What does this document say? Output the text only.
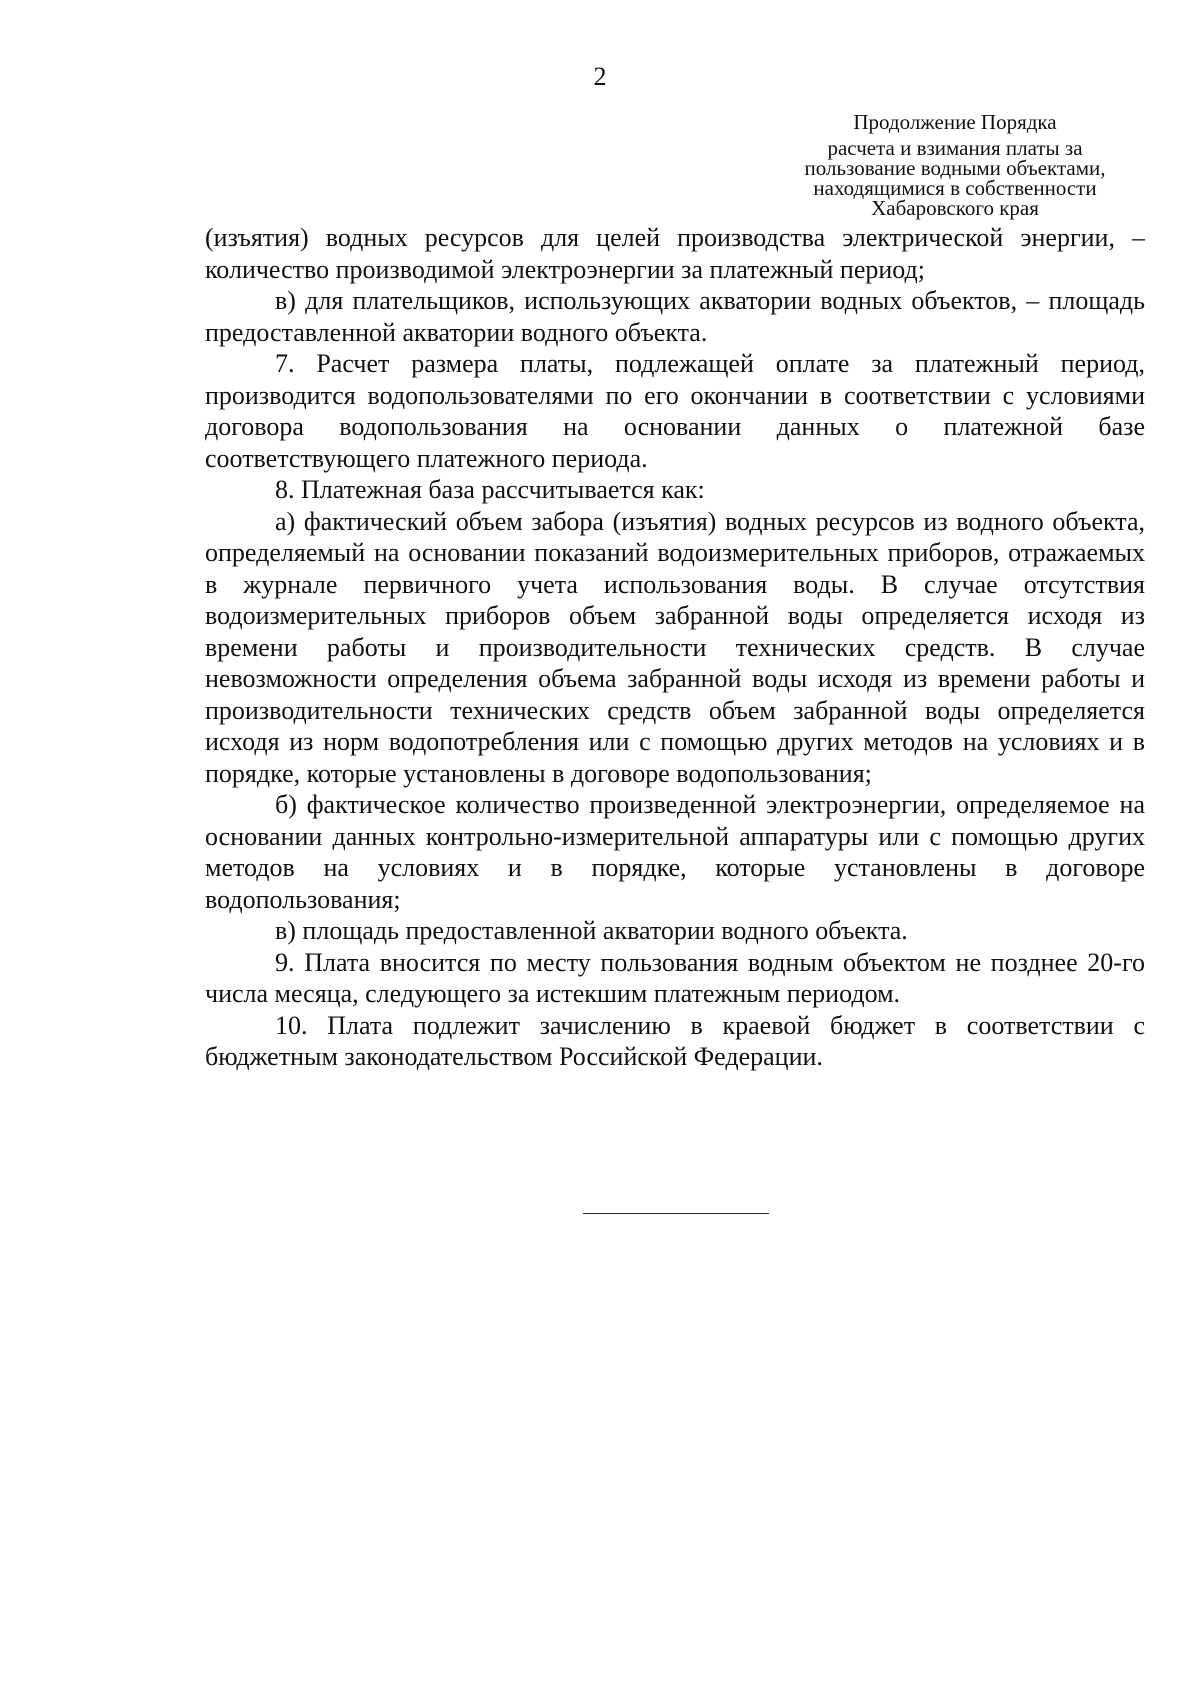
2
Продолжение Порядка
расчета и взимания платы за
пользование водными объектами,
находящимися в собственности
Хабаровского края

(изъятия) водных ресурсов для целей производства электрической энергии, – количество производимой электроэнергии за платежный период;

в) для плательщиков, использующих акватории водных объектов, – площадь предоставленной акватории водного объекта.

7. Расчет размера платы, подлежащей оплате за платежный период, производится водопользователями по его окончании в соответствии с условиями договора водопользования на основании данных о платежной базе соответствующего платежного периода.

8. Платежная база рассчитывается как:

а) фактический объем забора (изъятия) водных ресурсов из водного объекта, определяемый на основании показаний водоизмерительных приборов, отражаемых в журнале первичного учета использования воды. В случае отсутствия водоизмерительных приборов объем забранной воды определяется исходя из времени работы и производительности технических средств. В случае невозможности определения объема забранной воды исходя из времени работы и производительности технических средств объем забранной воды определяется исходя из норм водопотребления или с помощью других методов на условиях и в порядке, которые установлены в договоре водопользования;

б) фактическое количество произведенной электроэнергии, определяемое на основании данных контрольно-измерительной аппаратуры или с помощью других методов на условиях и в порядке, которые установлены в договоре водопользования;

в) площадь предоставленной акватории водного объекта.

9. Плата вносится по месту пользования водным объектом не позднее 20-го числа месяца, следующего за истекшим платежным периодом.

10. Плата подлежит зачислению в краевой бюджет в соответствии с бюджетным законодательством Российской Федерации.
